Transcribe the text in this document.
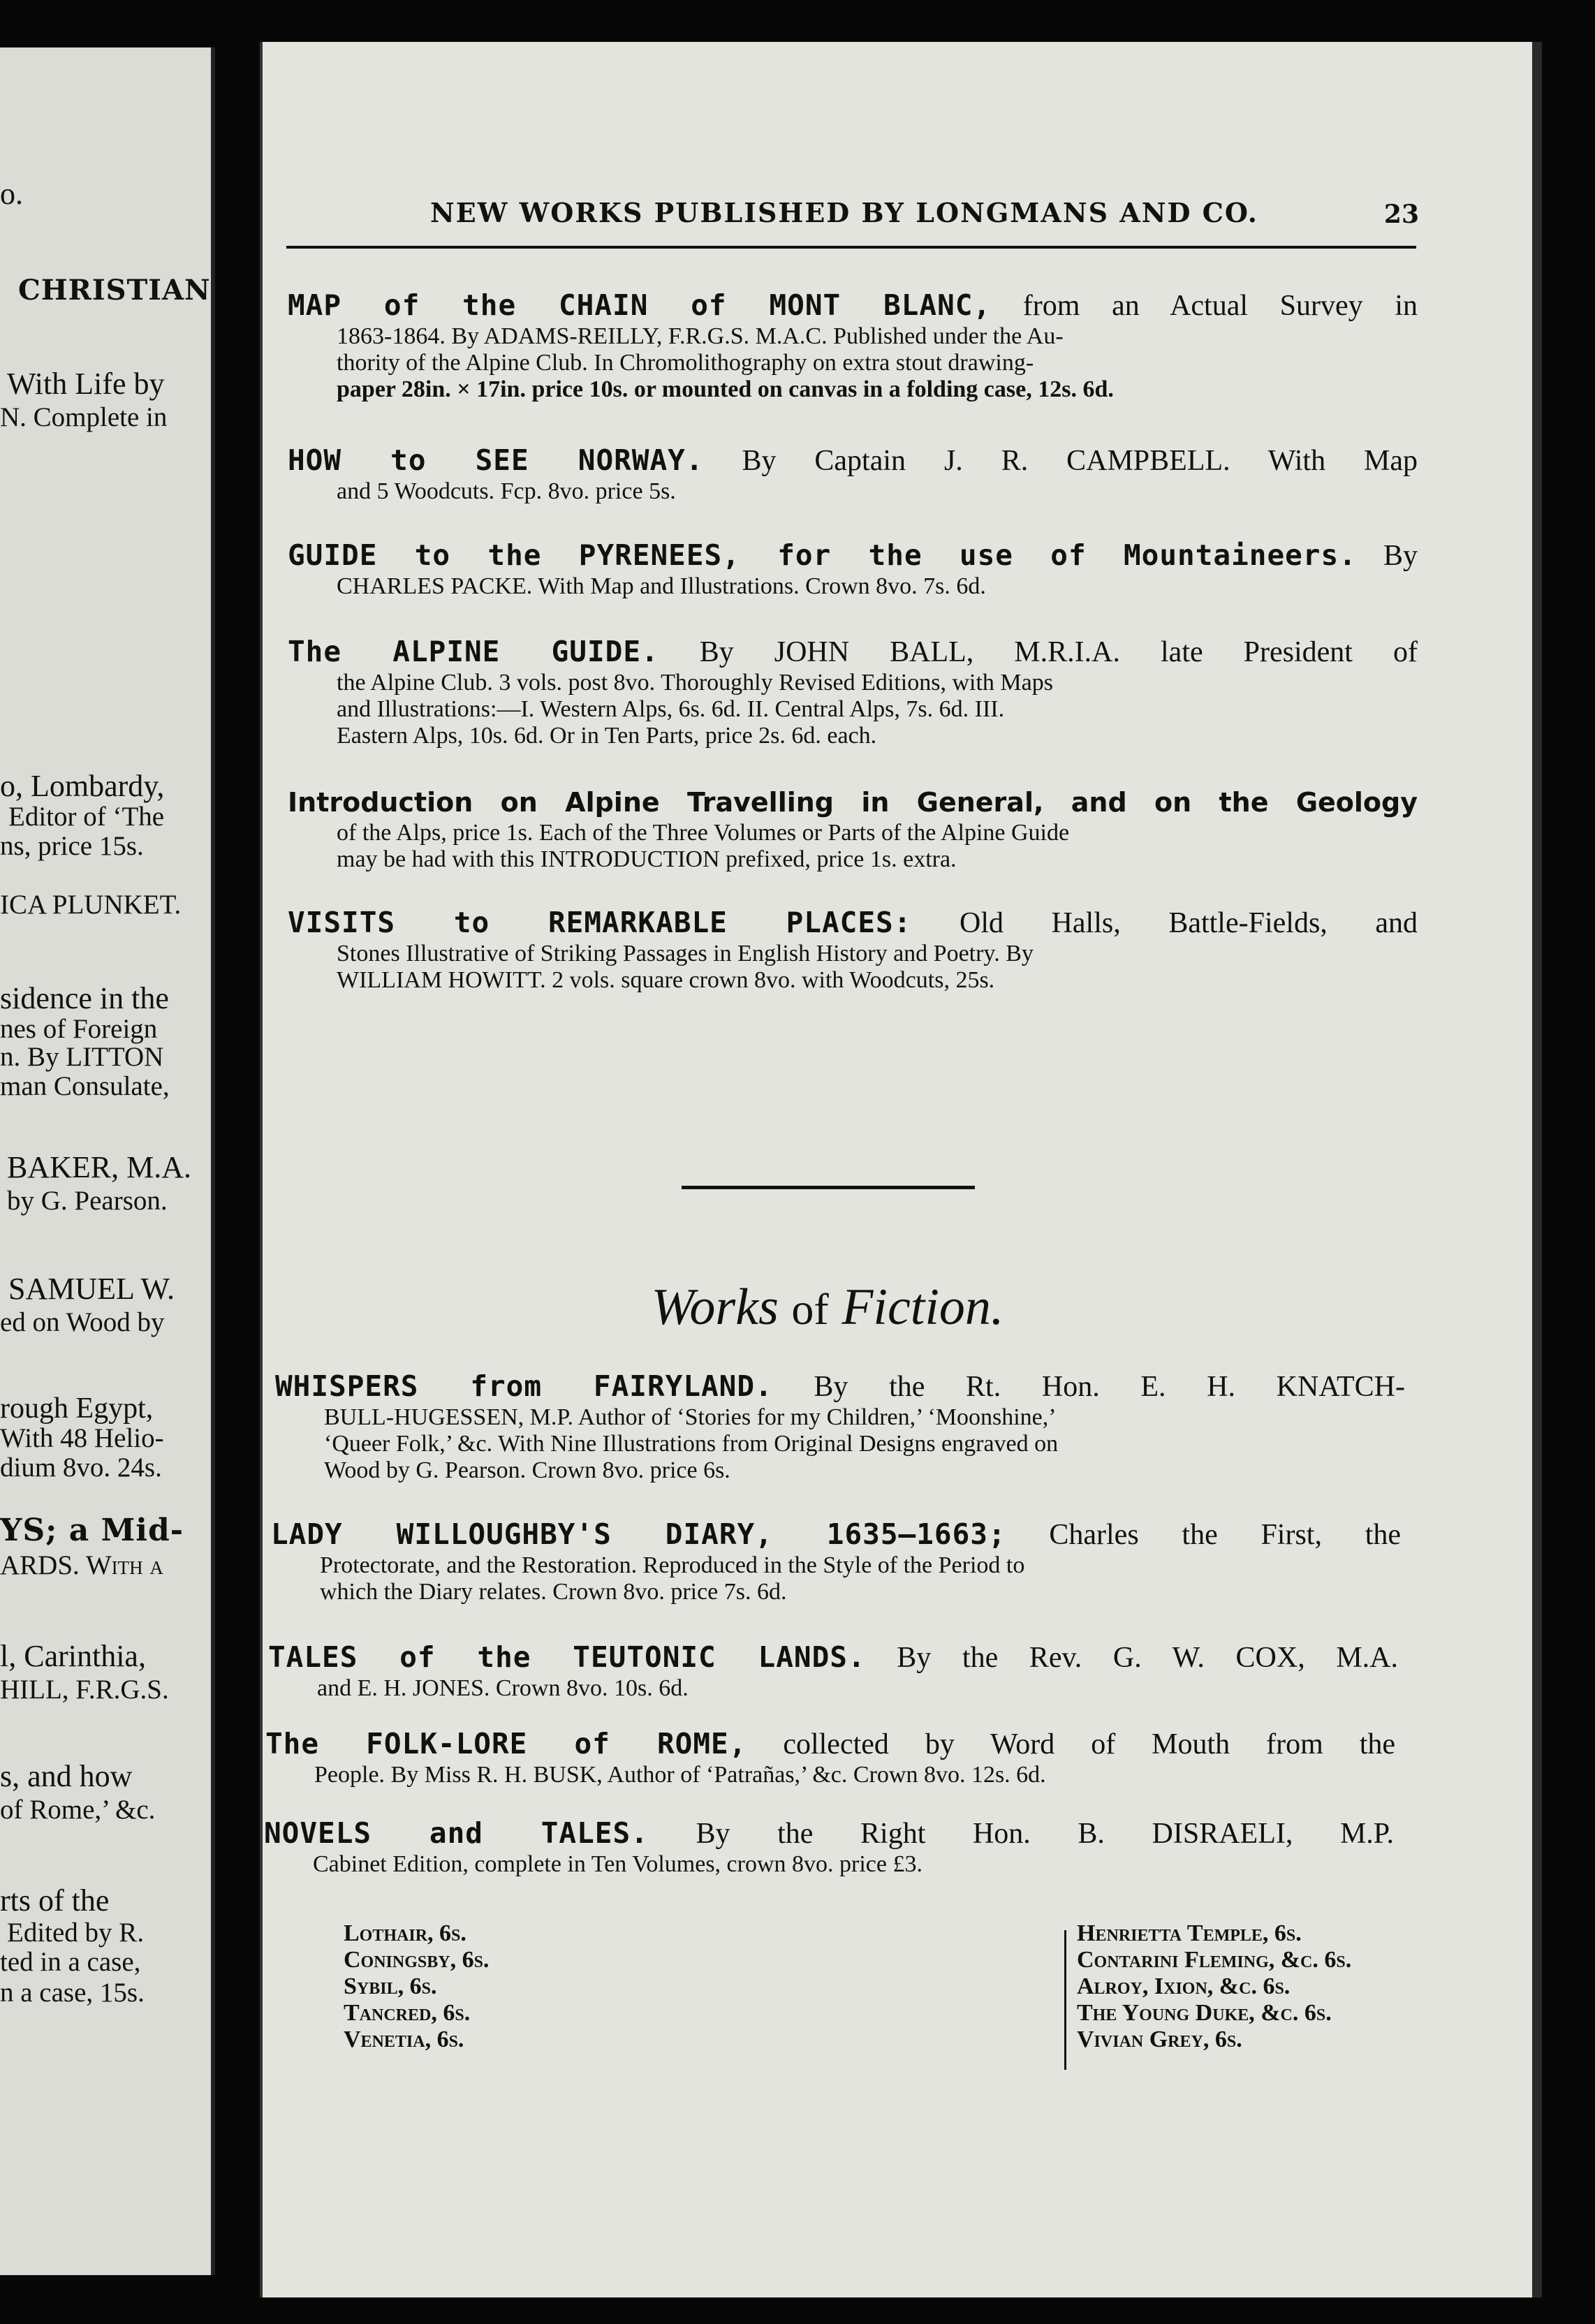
o.
CHRISTIAN
With Life by
N. Complete in
o, Lombardy,
Editor of ‘The
ns, price 15s.
ICA PLUNKET.
sidence in the
nes of Foreign
n. By LITTON
man Consulate,
BAKER, M.A.
by G. Pearson.
SAMUEL W.
ed on Wood by
rough Egypt,
With 48 Helio-
dium 8vo. 24s.
YS; a Mid-
ARDS. With a
l, Carinthia,
HILL, F.R.G.S.
s, and how
of Rome,’ &c.
rts of the
Edited by R.
ted in a case,
n a case, 15s.
NEW WORKS PUBLISHED BY LONGMANS AND CO.	23
MAP of the CHAIN of MONT BLANC, from an Actual Survey in
1863-1864. By ADAMS-REILLY, F.R.G.S. M.A.C. Published under the Au-
thority of the Alpine Club. In Chromolithography on extra stout drawing-
paper 28in. × 17in. price 10s. or mounted on canvas in a folding case, 12s. 6d.
HOW to SEE NORWAY. By Captain J. R. CAMPBELL. With Map
and 5 Woodcuts. Fcp. 8vo. price 5s.
GUIDE to the PYRENEES, for the use of Mountaineers. By
CHARLES PACKE. With Map and Illustrations. Crown 8vo. 7s. 6d.
The ALPINE GUIDE. By JOHN BALL, M.R.I.A. late President of
the Alpine Club. 3 vols. post 8vo. Thoroughly Revised Editions, with Maps
and Illustrations:—I. Western Alps, 6s. 6d. II. Central Alps, 7s. 6d. III.
Eastern Alps, 10s. 6d. Or in Ten Parts, price 2s. 6d. each.
Introduction on Alpine Travelling in General, and on the Geology
of the Alps, price 1s. Each of the Three Volumes or Parts of the Alpine Guide
may be had with this INTRODUCTION prefixed, price 1s. extra.
VISITS to REMARKABLE PLACES: Old Halls, Battle-Fields, and
Stones Illustrative of Striking Passages in English History and Poetry. By
WILLIAM HOWITT. 2 vols. square crown 8vo. with Woodcuts, 25s.
Works of Fiction.
WHISPERS from FAIRYLAND. By the Rt. Hon. E. H. KNATCH-
BULL-HUGESSEN, M.P. Author of ‘Stories for my Children,’ ‘Moonshine,’
‘Queer Folk,’ &c. With Nine Illustrations from Original Designs engraved on
Wood by G. Pearson. Crown 8vo. price 6s.
LADY WILLOUGHBY'S DIARY, 1635—1663; Charles the First, the
Protectorate, and the Restoration. Reproduced in the Style of the Period to
which the Diary relates. Crown 8vo. price 7s. 6d.
TALES of the TEUTONIC LANDS. By the Rev. G. W. COX, M.A.
and E. H. JONES. Crown 8vo. 10s. 6d.
The FOLK-LORE of ROME, collected by Word of Mouth from the
People. By Miss R. H. BUSK, Author of ‘Patrañas,’ &c. Crown 8vo. 12s. 6d.
NOVELS and TALES. By the Right Hon. B. DISRAELI, M.P.
Cabinet Edition, complete in Ten Volumes, crown 8vo. price £3.
Lothair, 6s.
Coningsby, 6s.
Sybil, 6s.
Tancred, 6s.
Venetia, 6s.
Henrietta Temple, 6s.
Contarini Fleming, &c. 6s.
Alroy, Ixion, &c. 6s.
The Young Duke, &c. 6s.
Vivian Grey, 6s.
